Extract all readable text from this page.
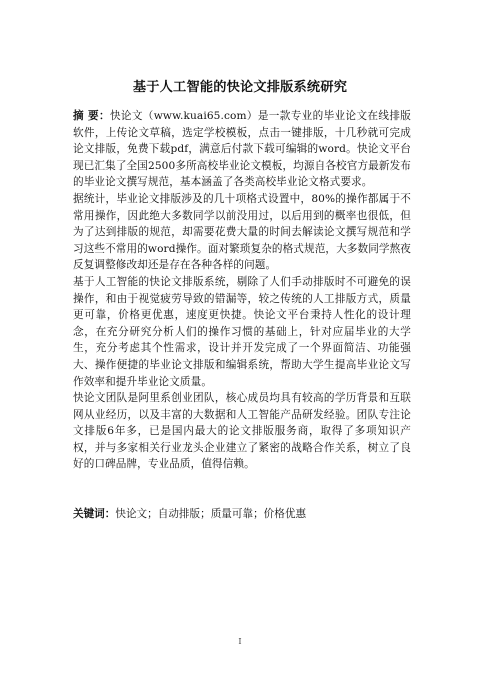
基于人工智能的快论文排版系统研究

摘 要：快论文（www.kuai65.com）是一款专业的毕业论文在线排版软件，上传论文草稿，选定学校模板，点击一键排版，十几秒就可完成论文排版，免费下载pdf，满意后付款下载可编辑的word。快论文平台现已汇集了全国2500多所高校毕业论文模板，均源自各校官方最新发布的毕业论文撰写规范，基本涵盖了各类高校毕业论文格式要求。

据统计，毕业论文排版涉及的几十项格式设置中，80%的操作都属于不常用操作，因此绝大多数同学以前没用过，以后用到的概率也很低，但为了达到排版的规范，却需要花费大量的时间去解读论文撰写规范和学习这些不常用的word操作。面对繁琐复杂的格式规范，大多数同学熬夜反复调整修改却还是存在各种各样的问题。

基于人工智能的快论文排版系统，剔除了人们手动排版时不可避免的误操作，和由于视觉疲劳导致的错漏等，较之传统的人工排版方式，质量更可靠，价格更优惠，速度更快捷。快论文平台秉持人性化的设计理念，在充分研究分析人们的操作习惯的基础上，针对应届毕业的大学生，充分考虑其个性需求，设计并开发完成了一个界面简洁、功能强大、操作便捷的毕业论文排版和编辑系统，帮助大学生提高毕业论文写作效率和提升毕业论文质量。

快论文团队是阿里系创业团队，核心成员均具有较高的学历背景和互联网从业经历，以及丰富的大数据和人工智能产品研发经验。团队专注论文排版6年多，已是国内最大的论文排版服务商，取得了多项知识产权，并与多家相关行业龙头企业建立了紧密的战略合作关系，树立了良好的口碑品牌，专业品质，值得信赖。

关键词：快论文；自动排版；质量可靠；价格优惠
I
